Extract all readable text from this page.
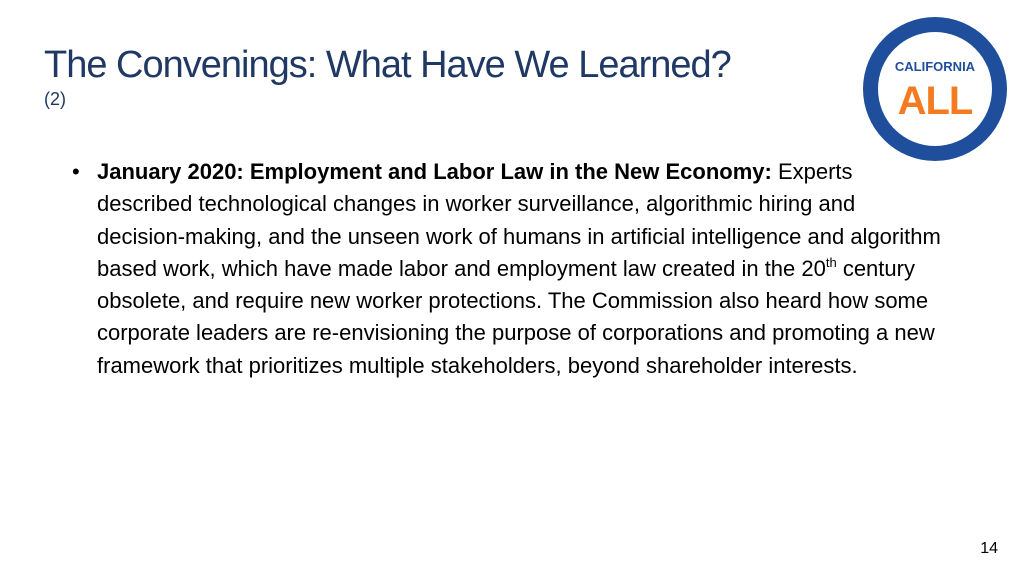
The Convenings: What Have We Learned?
(2)
FUTURE OF WORK
COMMISSION
CALIFORNIA
ALL
• January 2020: Employment and Labor Law in the New Economy: Experts described technological changes in worker surveillance, algorithmic hiring and decision-making, and the unseen work of humans in artificial intelligence and algorithm based work, which have made labor and employment law created in the 20th century obsolete, and require new worker protections. The Commission also heard how some corporate leaders are re-envisioning the purpose of corporations and promoting a new framework that prioritizes multiple stakeholders, beyond shareholder interests.
14
